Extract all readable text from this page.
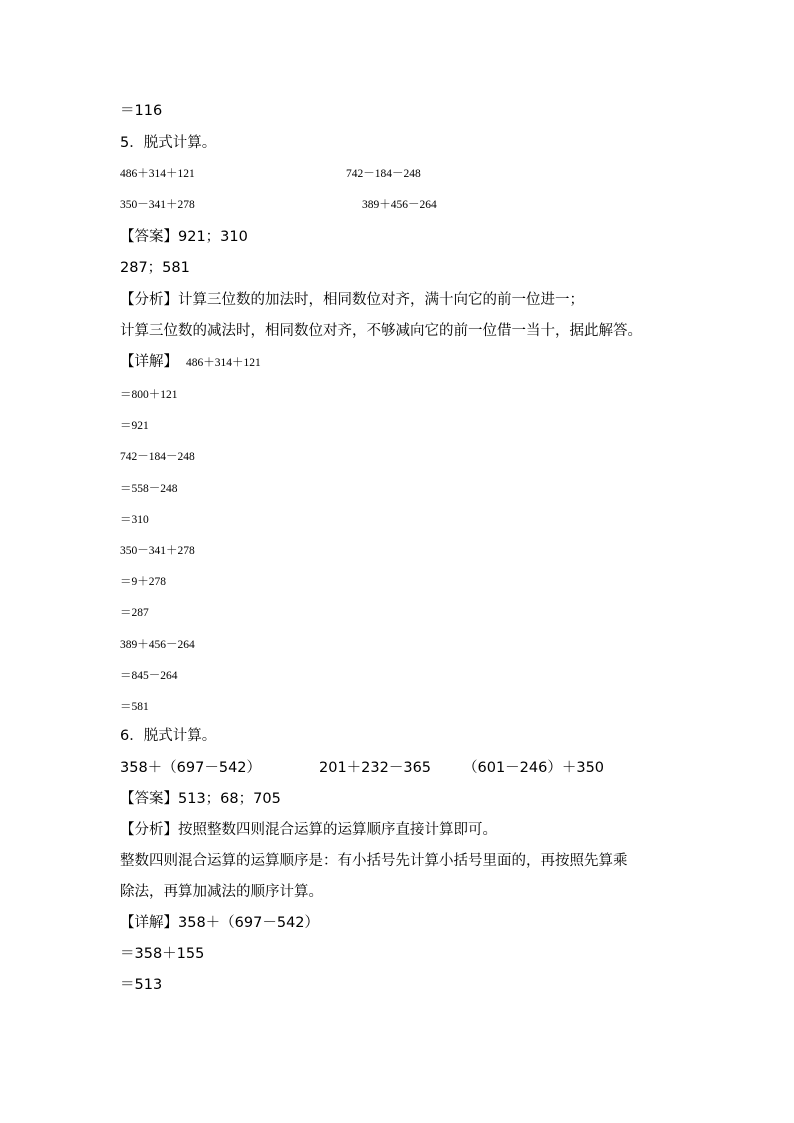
＝116
5．脱式计算。
486＋314＋121	742－184－248
350－341＋278	389＋456－264
【答案】921；310
287；581
【分析】计算三位数的加法时，相同数位对齐，满十向它的前一位进一；
计算三位数的减法时，相同数位对齐，不够减向它的前一位借一当十，据此解答。
【详解】 486＋314＋121
＝800＋121
＝921
742－184－248
＝558－248
＝310
350－341＋278
＝9＋278
＝287
389＋456－264
＝845－264
＝581
6．脱式计算。
358＋（697－542）	201＋232－365 （601－246）＋350
【答案】513；68；705
【分析】按照整数四则混合运算的运算顺序直接计算即可。
整数四则混合运算的运算顺序是：有小括号先计算小括号里面的，再按照先算乘
除法，再算加减法的顺序计算。
【详解】358＋（697－542）
＝358＋155
＝513
